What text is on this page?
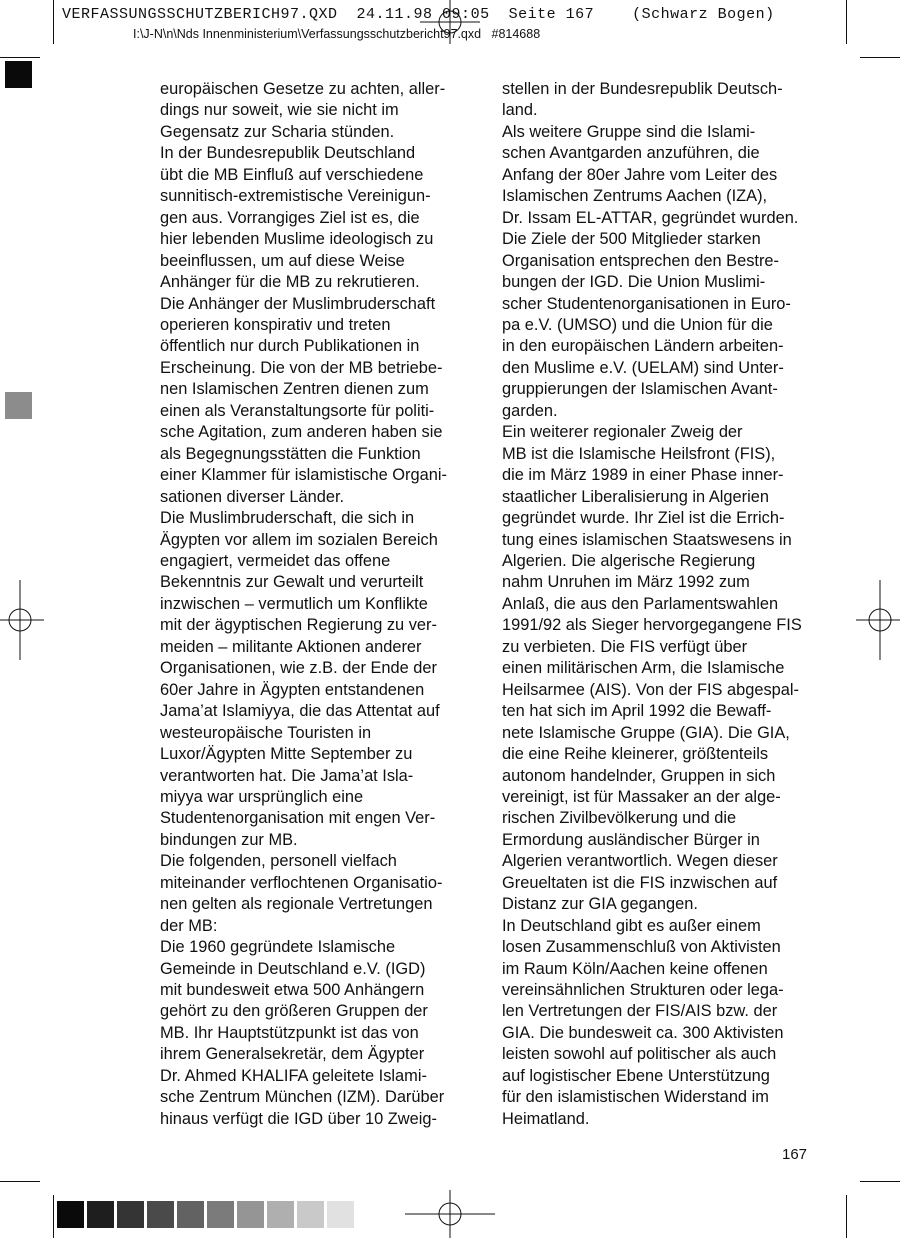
VERFASSUNGSSCHUTZBERICH97.QXD  24.11.98 09:05  Seite 167    (Schwarz Bogen)
I:\J-N\n\Nds Innenministerium\Verfassungsschutzbericht97.qxd   #814688

europäischen Gesetze zu achten, aller-

dings nur soweit, wie sie nicht im

Gegensatz zur Scharia stünden.

In der Bundesrepublik Deutschland

übt die MB Einfluß auf verschiedene

sunnitisch-extremistische Vereinigun-

gen aus. Vorrangiges Ziel ist es, die

hier lebenden Muslime ideologisch zu

beeinflussen, um auf diese Weise

Anhänger für die MB zu rekrutieren.

Die Anhänger der Muslimbruderschaft

operieren konspirativ und treten

öffentlich nur durch Publikationen in

Erscheinung. Die von der MB betriebe-

nen Islamischen Zentren dienen zum

einen als Veranstaltungsorte für politi-

sche Agitation, zum anderen haben sie

als Begegnungsstätten die Funktion

einer Klammer für islamistische Organi-

sationen diverser Länder.

Die Muslimbruderschaft, die sich in

Ägypten vor allem im sozialen Bereich

engagiert, vermeidet das offene

Bekenntnis zur Gewalt und verurteilt

inzwischen – vermutlich um Konflikte

mit der ägyptischen Regierung zu ver-

meiden – militante Aktionen anderer

Organisationen, wie z.B. der Ende der

60er Jahre in Ägypten entstandenen

Jama’at Islamiyya, die das Attentat auf

westeuropäische Touristen in

Luxor/Ägypten Mitte September zu

verantworten hat. Die Jama’at Isla-

miyya war ursprünglich eine

Studentenorganisation mit engen Ver-

bindungen zur MB.

Die folgenden, personell vielfach

miteinander verflochtenen Organisatio-

nen gelten als regionale Vertretungen

der MB:

Die 1960 gegründete Islamische

Gemeinde in Deutschland e.V. (IGD)

mit bundesweit etwa 500 Anhängern

gehört zu den größeren Gruppen der

MB. Ihr Hauptstützpunkt ist das von

ihrem Generalsekretär, dem Ägypter

Dr. Ahmed KHALIFA geleitete Islami-

sche Zentrum München (IZM). Darüber

hinaus verfügt die IGD über 10 Zweig-

stellen in der Bundesrepublik Deutsch-

land.

Als weitere Gruppe sind die Islami-

schen Avantgarden anzuführen, die

Anfang der 80er Jahre vom Leiter des

Islamischen Zentrums Aachen (IZA),

Dr. Issam EL-ATTAR, gegründet wurden.

Die Ziele der 500 Mitglieder starken

Organisation entsprechen den Bestre-

bungen der IGD. Die Union Muslimi-

scher Studentenorganisationen in Euro-

pa e.V. (UMSO) und die Union für die

in den europäischen Ländern arbeiten-

den Muslime e.V. (UELAM) sind Unter-

gruppierungen der Islamischen Avant-

garden.

Ein weiterer regionaler Zweig der

MB ist die Islamische Heilsfront (FIS),

die im März 1989 in einer Phase inner-

staatlicher Liberalisierung in Algerien

gegründet wurde. Ihr Ziel ist die Errich-

tung eines islamischen Staatswesens in

Algerien. Die algerische Regierung

nahm Unruhen im März 1992 zum

Anlaß, die aus den Parlamentswahlen

1991/92 als Sieger hervorgegangene FIS

zu verbieten. Die FIS verfügt über

einen militärischen Arm, die Islamische

Heilsarmee (AIS). Von der FIS abgespal-

ten hat sich im April 1992 die Bewaff-

nete Islamische Gruppe (GIA). Die GIA,

die eine Reihe kleinerer, größtenteils

autonom handelnder, Gruppen in sich

vereinigt, ist für Massaker an der alge-

rischen Zivilbevölkerung und die

Ermordung ausländischer Bürger in

Algerien verantwortlich. Wegen dieser

Greueltaten ist die FIS inzwischen auf

Distanz zur GIA gegangen.

In Deutschland gibt es außer einem

losen Zusammenschluß von Aktivisten

im Raum Köln/Aachen keine offenen

vereinsähnlichen Strukturen oder lega-

len Vertretungen der FIS/AIS bzw. der

GIA. Die bundesweit ca. 300 Aktivisten

leisten sowohl auf politischer als auch

auf logistischer Ebene Unterstützung

für den islamistischen Widerstand im

Heimatland.

167
